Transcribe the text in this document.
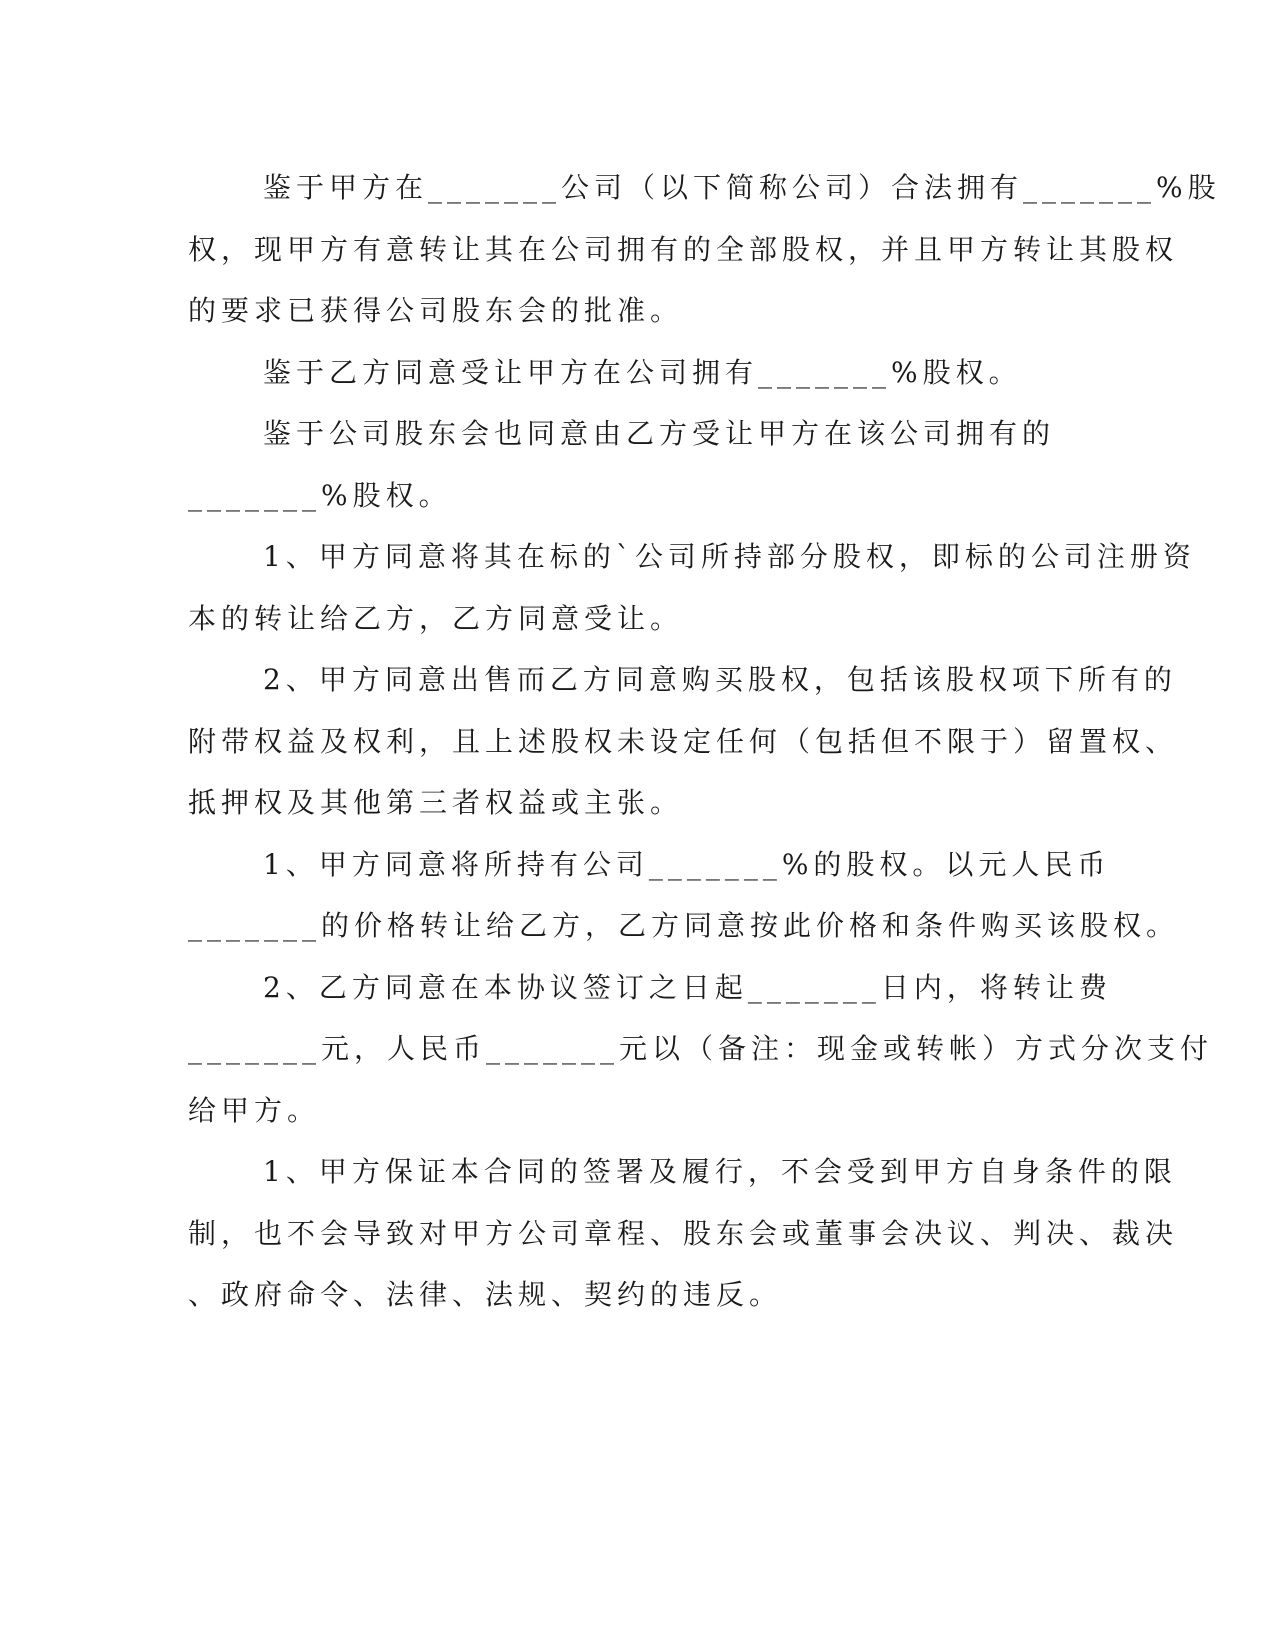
鉴于甲方在_______公司（以下简称公司）合法拥有_______%股
权，现甲方有意转让其在公司拥有的全部股权，并且甲方转让其股权
的要求已获得公司股东会的批准。
鉴于乙方同意受让甲方在公司拥有_______%股权。
鉴于公司股东会也同意由乙方受让甲方在该公司拥有的
_______%股权。
1、甲方同意将其在标的`公司所持部分股权，即标的公司注册资
本的转让给乙方，乙方同意受让。
2、甲方同意出售而乙方同意购买股权，包括该股权项下所有的
附带权益及权利，且上述股权未设定任何（包括但不限于）留置权、
抵押权及其他第三者权益或主张。
1、甲方同意将所持有公司_______%的股权。以元人民币
_______的价格转让给乙方，乙方同意按此价格和条件购买该股权。
2、乙方同意在本协议签订之日起_______日内，将转让费
_______元，人民币_______元以（备注：现金或转帐）方式分次支付
给甲方。
1、甲方保证本合同的签署及履行，不会受到甲方自身条件的限
制，也不会导致对甲方公司章程、股东会或董事会决议、判决、裁决
、政府命令、法律、法规、契约的违反。
